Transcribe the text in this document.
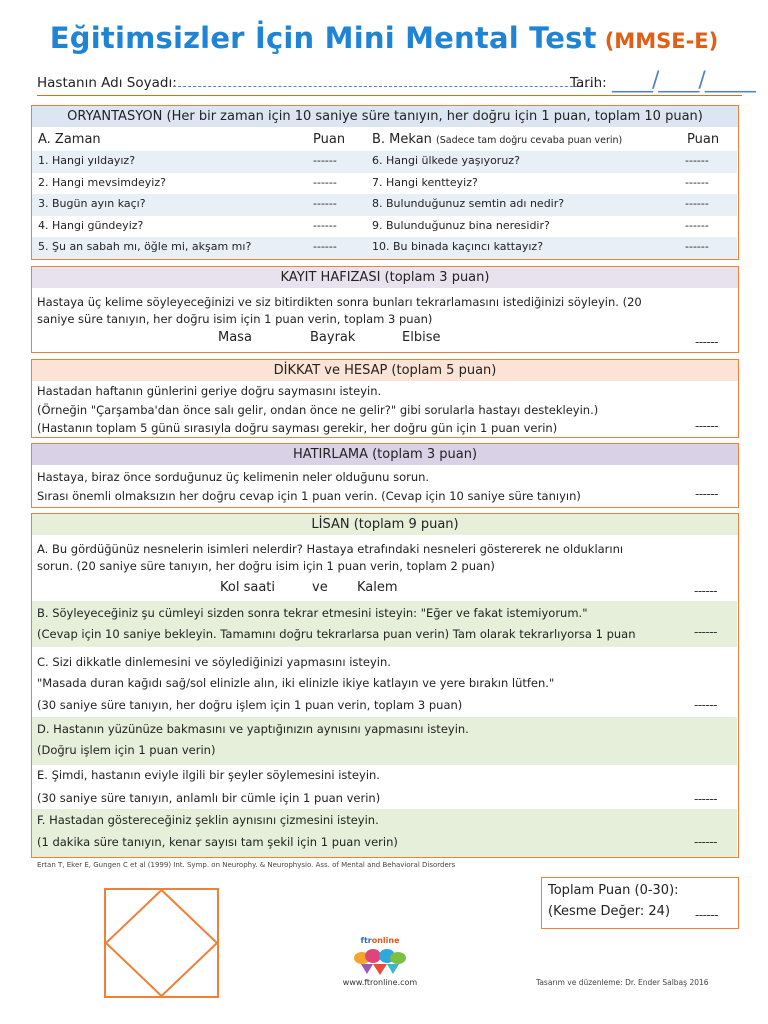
Eğitimsizler İçin Mini Mental Test (MMSE-E)
Hastanın Adı Soyadı:	Tarih: ____/____/_____
ORYANTASYON (Her bir zaman için 10 saniye süre tanıyın, her doğru için 1 puan, toplam 10 puan)
A. Zaman	Puan B. Mekan (Sadece tam doğru cevaba puan verin)	Puan
1. Hangi yıldayız?	------	6. Hangi ülkede yaşıyoruz?	------
2. Hangi mevsimdeyiz?	------	7. Hangi kentteyiz?	------
3. Bugün ayın kaçı?	------	8. Bulunduğunuz semtin adı nedir?	------
4. Hangi gündeyiz?	------	9. Bulunduğunuz bina neresidir?	------
5. Şu an sabah mı, öğle mi, akşam mı?	------	10. Bu binada kaçıncı kattayız?	------
KAYIT HAFIZASI (toplam 3 puan)
Hastaya üç kelime söyleyeceğinizi ve siz bitirdikten sonra bunları tekrarlamasını istediğinizi söyleyin. (20
saniye süre tanıyın, her doğru isim için 1 puan verin, toplam 3 puan)
Masa	Bayrak	Elbise	------
DİKKAT ve HESAP (toplam 5 puan)
Hastadan haftanın günlerini geriye doğru saymasını isteyin.
(Örneğin "Çarşamba'dan önce salı gelir, ondan önce ne gelir?" gibi sorularla hastayı destekleyin.)
(Hastanın toplam 5 günü sırasıyla doğru sayması gerekir, her doğru gün için 1 puan verin)	------
HATIRLAMA (toplam 3 puan)
Hastaya, biraz önce sorduğunuz üç kelimenin neler olduğunu sorun.
Sırası önemli olmaksızın her doğru cevap için 1 puan verin. (Cevap için 10 saniye süre tanıyın)	------
LİSAN (toplam 9 puan)
A. Bu gördüğünüz nesnelerin isimleri nelerdir? Hastaya etrafındaki nesneleri göstererek ne olduklarını
sorun. (20 saniye süre tanıyın, her doğru isim için 1 puan verin, toplam 2 puan)
Kol saati	ve Kalem	------
B. Söyleyeceğiniz şu cümleyi sizden sonra tekrar etmesini isteyin: "Eğer ve fakat istemiyorum."
(Cevap için 10 saniye bekleyin. Tamamını doğru tekrarlarsa puan verin) Tam olarak tekrarlıyorsa 1 puan	------
C. Sizi dikkatle dinlemesini ve söylediğinizi yapmasını isteyin.
"Masada duran kağıdı sağ/sol elinizle alın, iki elinizle ikiye katlayın ve yere bırakın lütfen."
(30 saniye süre tanıyın, her doğru işlem için 1 puan verin, toplam 3 puan)	------
D. Hastanın yüzünüze bakmasını ve yaptığınızın aynısını yapmasını isteyin.
(Doğru işlem için 1 puan verin)
E. Şimdi, hastanın eviyle ilgili bir şeyler söylemesini isteyin.
(30 saniye süre tanıyın, anlamlı bir cümle için 1 puan verin)	------
F. Hastadan göstereceğiniz şeklin aynısını çizmesini isteyin.
(1 dakika süre tanıyın, kenar sayısı tam şekil için 1 puan verin)	------
Ertan T, Eker E, Gungen C et al (1999) Int. Symp. on Neurophy. & Neurophysio. Ass. of Mental and Behavioral Disorders
Toplam Puan (0-30):
(Kesme Değer: 24) ------
ftronline
www.ftronline.com	Tasarım ve düzenleme: Dr. Ender Salbaş 2016
